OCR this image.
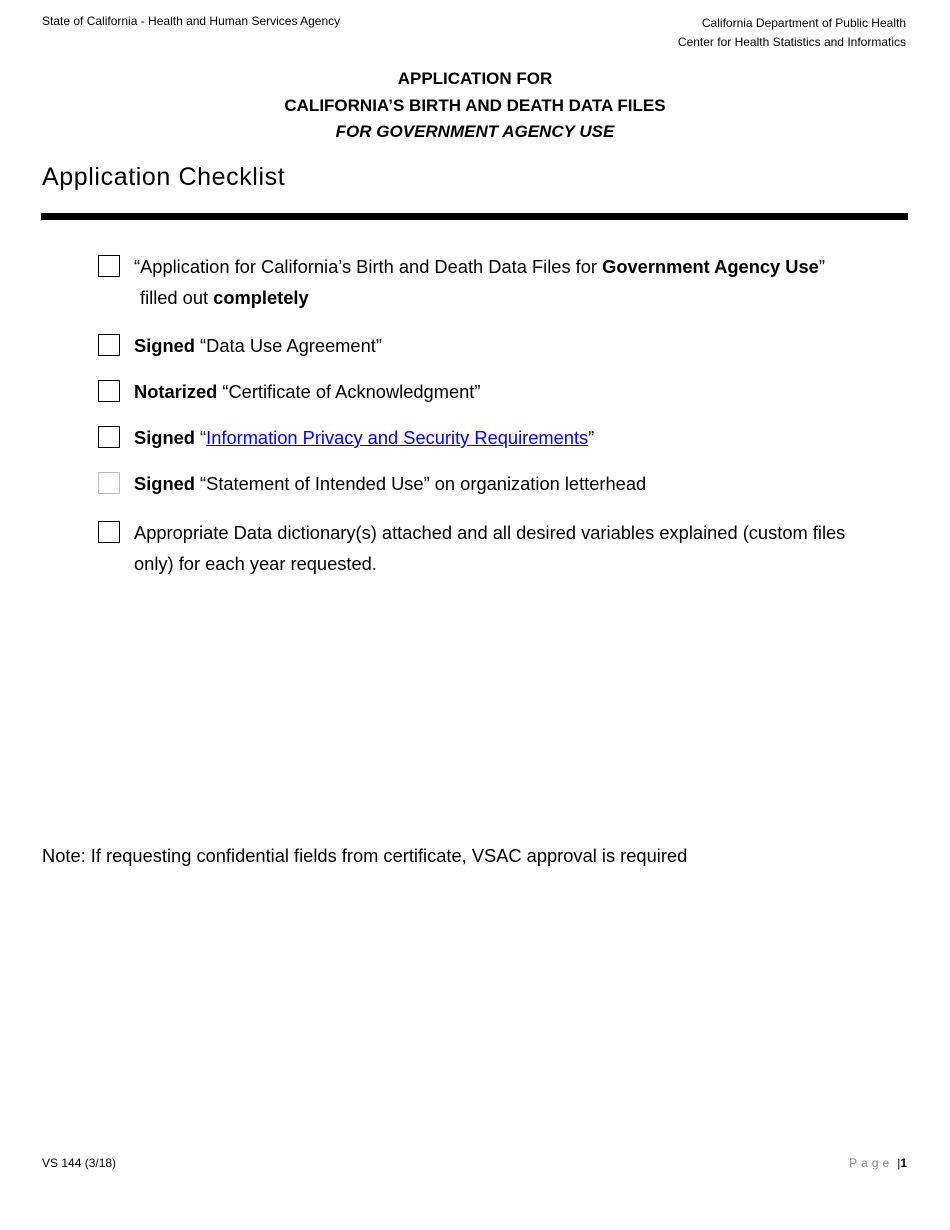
State of California - Health and Human Services Agency	California Department of Public Health
Center for Health Statistics and Informatics
APPLICATION FOR
CALIFORNIA’S BIRTH AND DEATH DATA FILES
FOR GOVERNMENT AGENCY USE
Application Checklist
“Application for California’s Birth and Death Data Files for Government Agency Use”
filled out completely
Signed “Data Use Agreement”
Notarized “Certificate of Acknowledgment”
Signed “Information Privacy and Security Requirements”
Signed “Statement of Intended Use” on organization letterhead
Appropriate Data dictionary(s) attached and all desired variables explained (custom files only) for each year requested.
Note: If requesting confidential fields from certificate, VSAC approval is required
VS 144 (3/18)	Page |1
